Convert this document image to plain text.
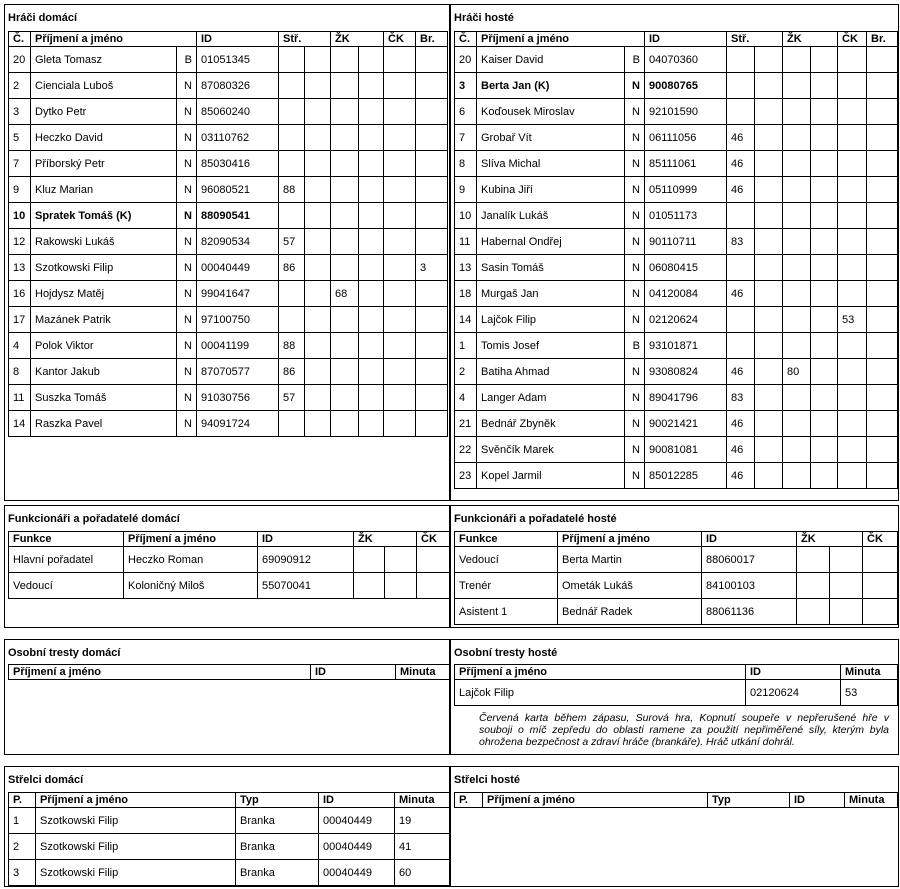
Hráči domácí
Č.	Příjmení a jméno		ID	Stř.		ŽK		ČK	Br.
20	Gleta Tomasz	B	01051345						
2	Cienciala Luboš	N	87080326						
3	Dytko Petr	N	85060240						
5	Heczko David	N	03110762						
7	Příborský Petr	N	85030416						
9	Kluz Marian	N	96080521	88					
10	Spratek Tomáš (K)	N	88090541						
12	Rakowski Lukáš	N	82090534	57					
13	Szotkowski Filip	N	00040449	86					3
16	Hojdysz Matěj	N	99041647			68			
17	Mazánek Patrik	N	97100750						
4	Polok Viktor	N	00041199	88					
8	Kantor Jakub	N	87070577	86					
11	Suszka Tomáš	N	91030756	57					
14	Raszka Pavel	N	94091724						
Hráči hosté
Č.	Příjmení a jméno		ID	Stř.		ŽK		ČK	Br.
20	Kaiser David	B	04070360						
3	Berta Jan (K)	N	90080765						
6	Koďousek Miroslav	N	92101590						
7	Grobař Vít	N	06111056	46					
8	Slíva Michal	N	85111061	46					
9	Kubina Jiří	N	05110999	46					
10	Janalík Lukáš	N	01051173						
11	Habernal Ondřej	N	90110711	83					
13	Sasin Tomáš	N	06080415						
18	Murgaš Jan	N	04120084	46					
14	Lajčok Filip	N	02120624					53	
1	Tomis Josef	B	93101871						
2	Batiha Ahmad	N	93080824	46		80			
4	Langer Adam	N	89041796	83					
21	Bednář Zbyněk	N	90021421	46					
22	Svěnčík Marek	N	90081081	46					
23	Kopel Jarmil	N	85012285	46					
Funkcionáři a pořadatelé domácí
Funkce	Příjmení a jméno	ID	ŽK		ČK
Hlavní pořadatel	Heczko Roman	69090912			
Vedoucí	Koloničný Miloš	55070041			
Funkcionáři a pořadatelé hosté
Funkce	Příjmení a jméno	ID	ŽK		ČK
Vedoucí	Berta Martin	88060017			
Trenér	Ometák Lukáš	84100103			
Asistent 1	Bednář Radek	88061136			
Osobní tresty domácí
Příjmení a jméno	ID	Minuta
Osobní tresty hosté
Příjmení a jméno	ID	Minuta
Lajčok Filip	02120624	53
Červená karta během zápasu, Surová hra, Kopnutí soupeře v nepřerušené hře v souboji o míč zepředu do oblasti ramene za použití nepřiměřené síly, kterým byla ohrožena bezpečnost a zdraví hráče (brankáře). Hráč utkání dohrál.
Střelci domácí
P.	Příjmení a jméno	Typ	ID	Minuta
1	Szotkowski Filip	Branka	00040449	19
2	Szotkowski Filip	Branka	00040449	41
3	Szotkowski Filip	Branka	00040449	60
Střelci hosté
P.	Příjmení a jméno	Typ	ID	Minuta
